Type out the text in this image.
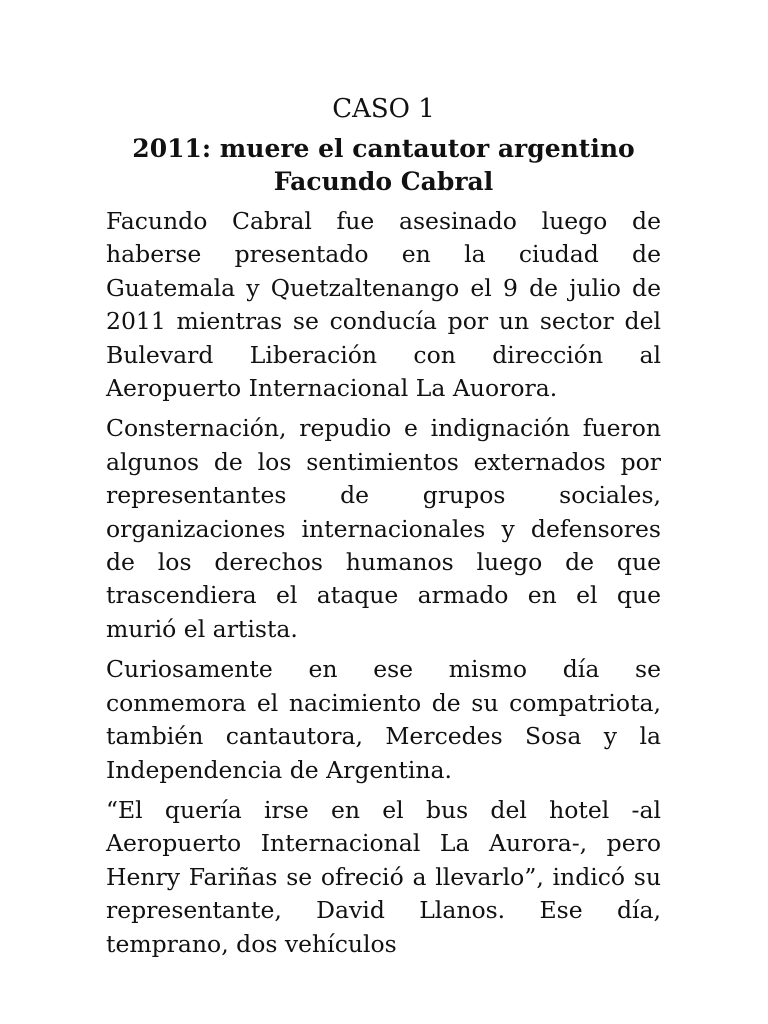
CASO 1
2011: muere el cantautor argentino
Facundo Cabral

Facundo Cabral fue asesinado luego de haberse presentado en la ciudad de Guatemala y Quetzaltenango el 9 de julio de 2011 mientras se conducía por un sector del Bulevard Liberación con dirección al Aeropuerto Internacional La Auorora.

Consternación, repudio e indignación fueron algunos de los sentimientos externados por representantes de grupos sociales, organizaciones internacionales y defensores de los derechos humanos luego de que trascendiera el ataque armado en el que murió el artista.

Curiosamente en ese mismo día se conmemora el nacimiento de su compatriota, también cantautora, Mercedes Sosa y la Independencia de Argentina.

“El quería irse en el bus del hotel -al Aeropuerto Internacional La Aurora-, pero Henry Fariñas se ofreció a llevarlo”, indicó su representante, David Llanos. Ese día, temprano, dos vehículos
